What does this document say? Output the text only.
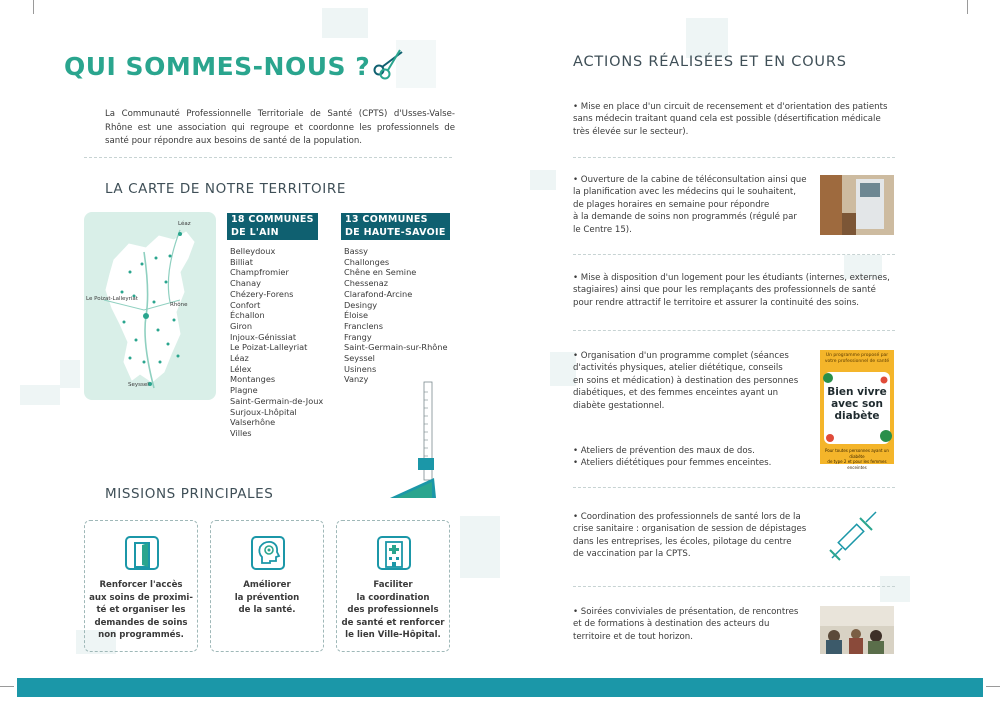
QUI SOMMES-NOUS ?
La Communauté Professionnelle Territoriale de Santé (CPTS) d'Usses-Valse-Rhône est une association qui regroupe et coordonne les professionnels de santé pour répondre aux besoins de santé de la population.
LA CARTE DE NOTRE TERRITOIRE
Léaz
Le Poizat-Lalleyriat
Rhône
Seyssel
18 COMMUNES
DE L'AIN
Belleydoux
Billiat
Champfromier
Chanay
Chézery-Forens
Confort
Échallon
Giron
Injoux-Génissiat
Le Poizat-Lalleyriat
Léaz
Lélex
Montanges
Plagne
Saint-Germain-de-Joux
Surjoux-Lhôpital
Valserhône
Villes
13 COMMUNES
DE HAUTE-SAVOIE
Bassy
Challonges
Chêne en Semine
Chessenaz
Clarafond-Arcine
Desingy
Éloise
Franclens
Frangy
Saint-Germain-sur-Rhône
Seyssel
Usinens
Vanzy
MISSIONS PRINCIPALES
Renforcer l'accès
aux soins de proximi-
té et organiser les
demandes de soins
non programmés.
Améliorer
la prévention
de la santé.
Faciliter
la coordination
des professionnels
de santé et renforcer
le lien Ville-Hôpital.
ACTIONS RÉALISÉES ET EN COURS
• Mise en place d'un circuit de recensement et d'orientation des patients
sans médecin traitant quand cela est possible (désertification médicale
très élevée sur le secteur).
• Ouverture de la cabine de téléconsultation ainsi que
la planification avec les médecins qui le souhaitent,
de plages horaires en semaine pour répondre
à la demande de soins non programmés (régulé par
le Centre 15).
• Mise à disposition d'un logement pour les étudiants (internes, externes,
stagiaires) ainsi que pour les remplaçants des professionnels de santé
pour rendre attractif le territoire et assurer la continuité des soins.
• Organisation d'un programme complet (séances
d'activités physiques, atelier diététique, conseils
en soins et médication) à destination des personnes
diabétiques, et des femmes enceintes ayant un
diabète gestationnel.
Un programme proposé par
votre professionnel de santé
Bien vivre
avec son
diabète
Pour toutes personnes ayant un diabète
de type 2 et pour les femmes enceintes
• Ateliers de prévention des maux de dos.
• Ateliers diététiques pour femmes enceintes.
• Coordination des professionnels de santé lors de la
crise sanitaire : organisation de session de dépistages
dans les entreprises, les écoles, pilotage du centre
de vaccination par la CPTS.
• Soirées conviviales de présentation, de rencontres
et de formations à destination des acteurs du
territoire et de tout horizon.
